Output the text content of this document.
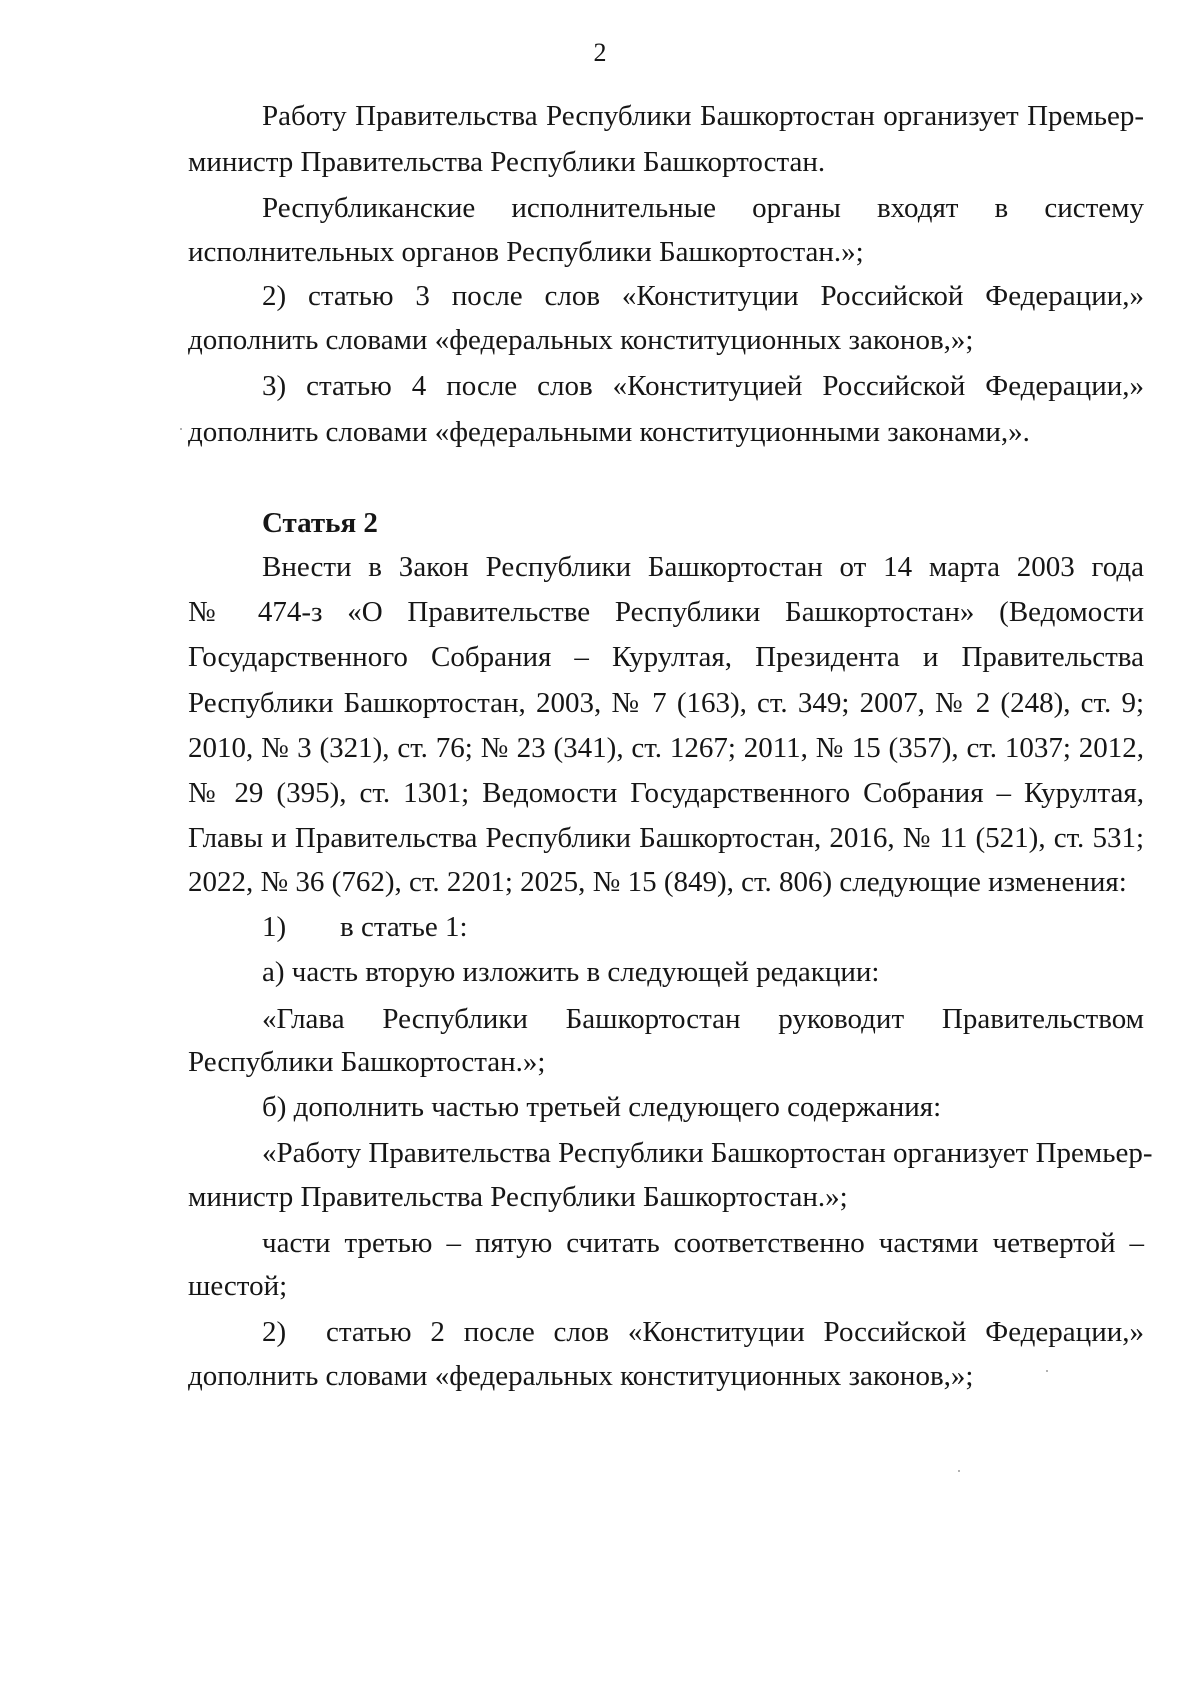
2
Работу Правительства Республики Башкортостан организует Премьер-
министр Правительства Республики Башкортостан.
Республиканские исполнительные органы входят в систему
исполнительных органов Республики Башкортостан.»;
2) статью 3 после слов «Конституции Российской Федерации,»
дополнить словами «федеральных конституционных законов,»;
3) статью 4 после слов «Конституцией Российской Федерации,»
дополнить словами «федеральными конституционными законами,».
Статья 2
Внести в Закон Республики Башкортостан от 14 марта 2003 года
№ 474-з «О Правительстве Республики Башкортостан» (Ведомости
Государственного Собрания – Курултая, Президента и Правительства
Республики Башкортостан, 2003, № 7 (163), ст. 349; 2007, № 2 (248), ст. 9;
2010, № 3 (321), ст. 76; № 23 (341), ст. 1267; 2011, № 15 (357), ст. 1037; 2012,
№ 29 (395), ст. 1301; Ведомости Государственного Собрания – Курултая,
Главы и Правительства Республики Башкортостан, 2016, № 11 (521), ст. 531;
2022, № 36 (762), ст. 2201; 2025, № 15 (849), ст. 806) следующие изменения:
1) в статье 1:
а) часть вторую изложить в следующей редакции:
«Глава Республики Башкортостан руководит Правительством
Республики Башкортостан.»;
б) дополнить частью третьей следующего содержания:
«Работу Правительства Республики Башкортостан организует Премьер-
министр Правительства Республики Башкортостан.»;
части третью – пятую считать соответственно частями четвертой –
шестой;
2)	статью 2 после слов «Конституции Российской Федерации,»
дополнить словами «федеральных конституционных законов,»;
